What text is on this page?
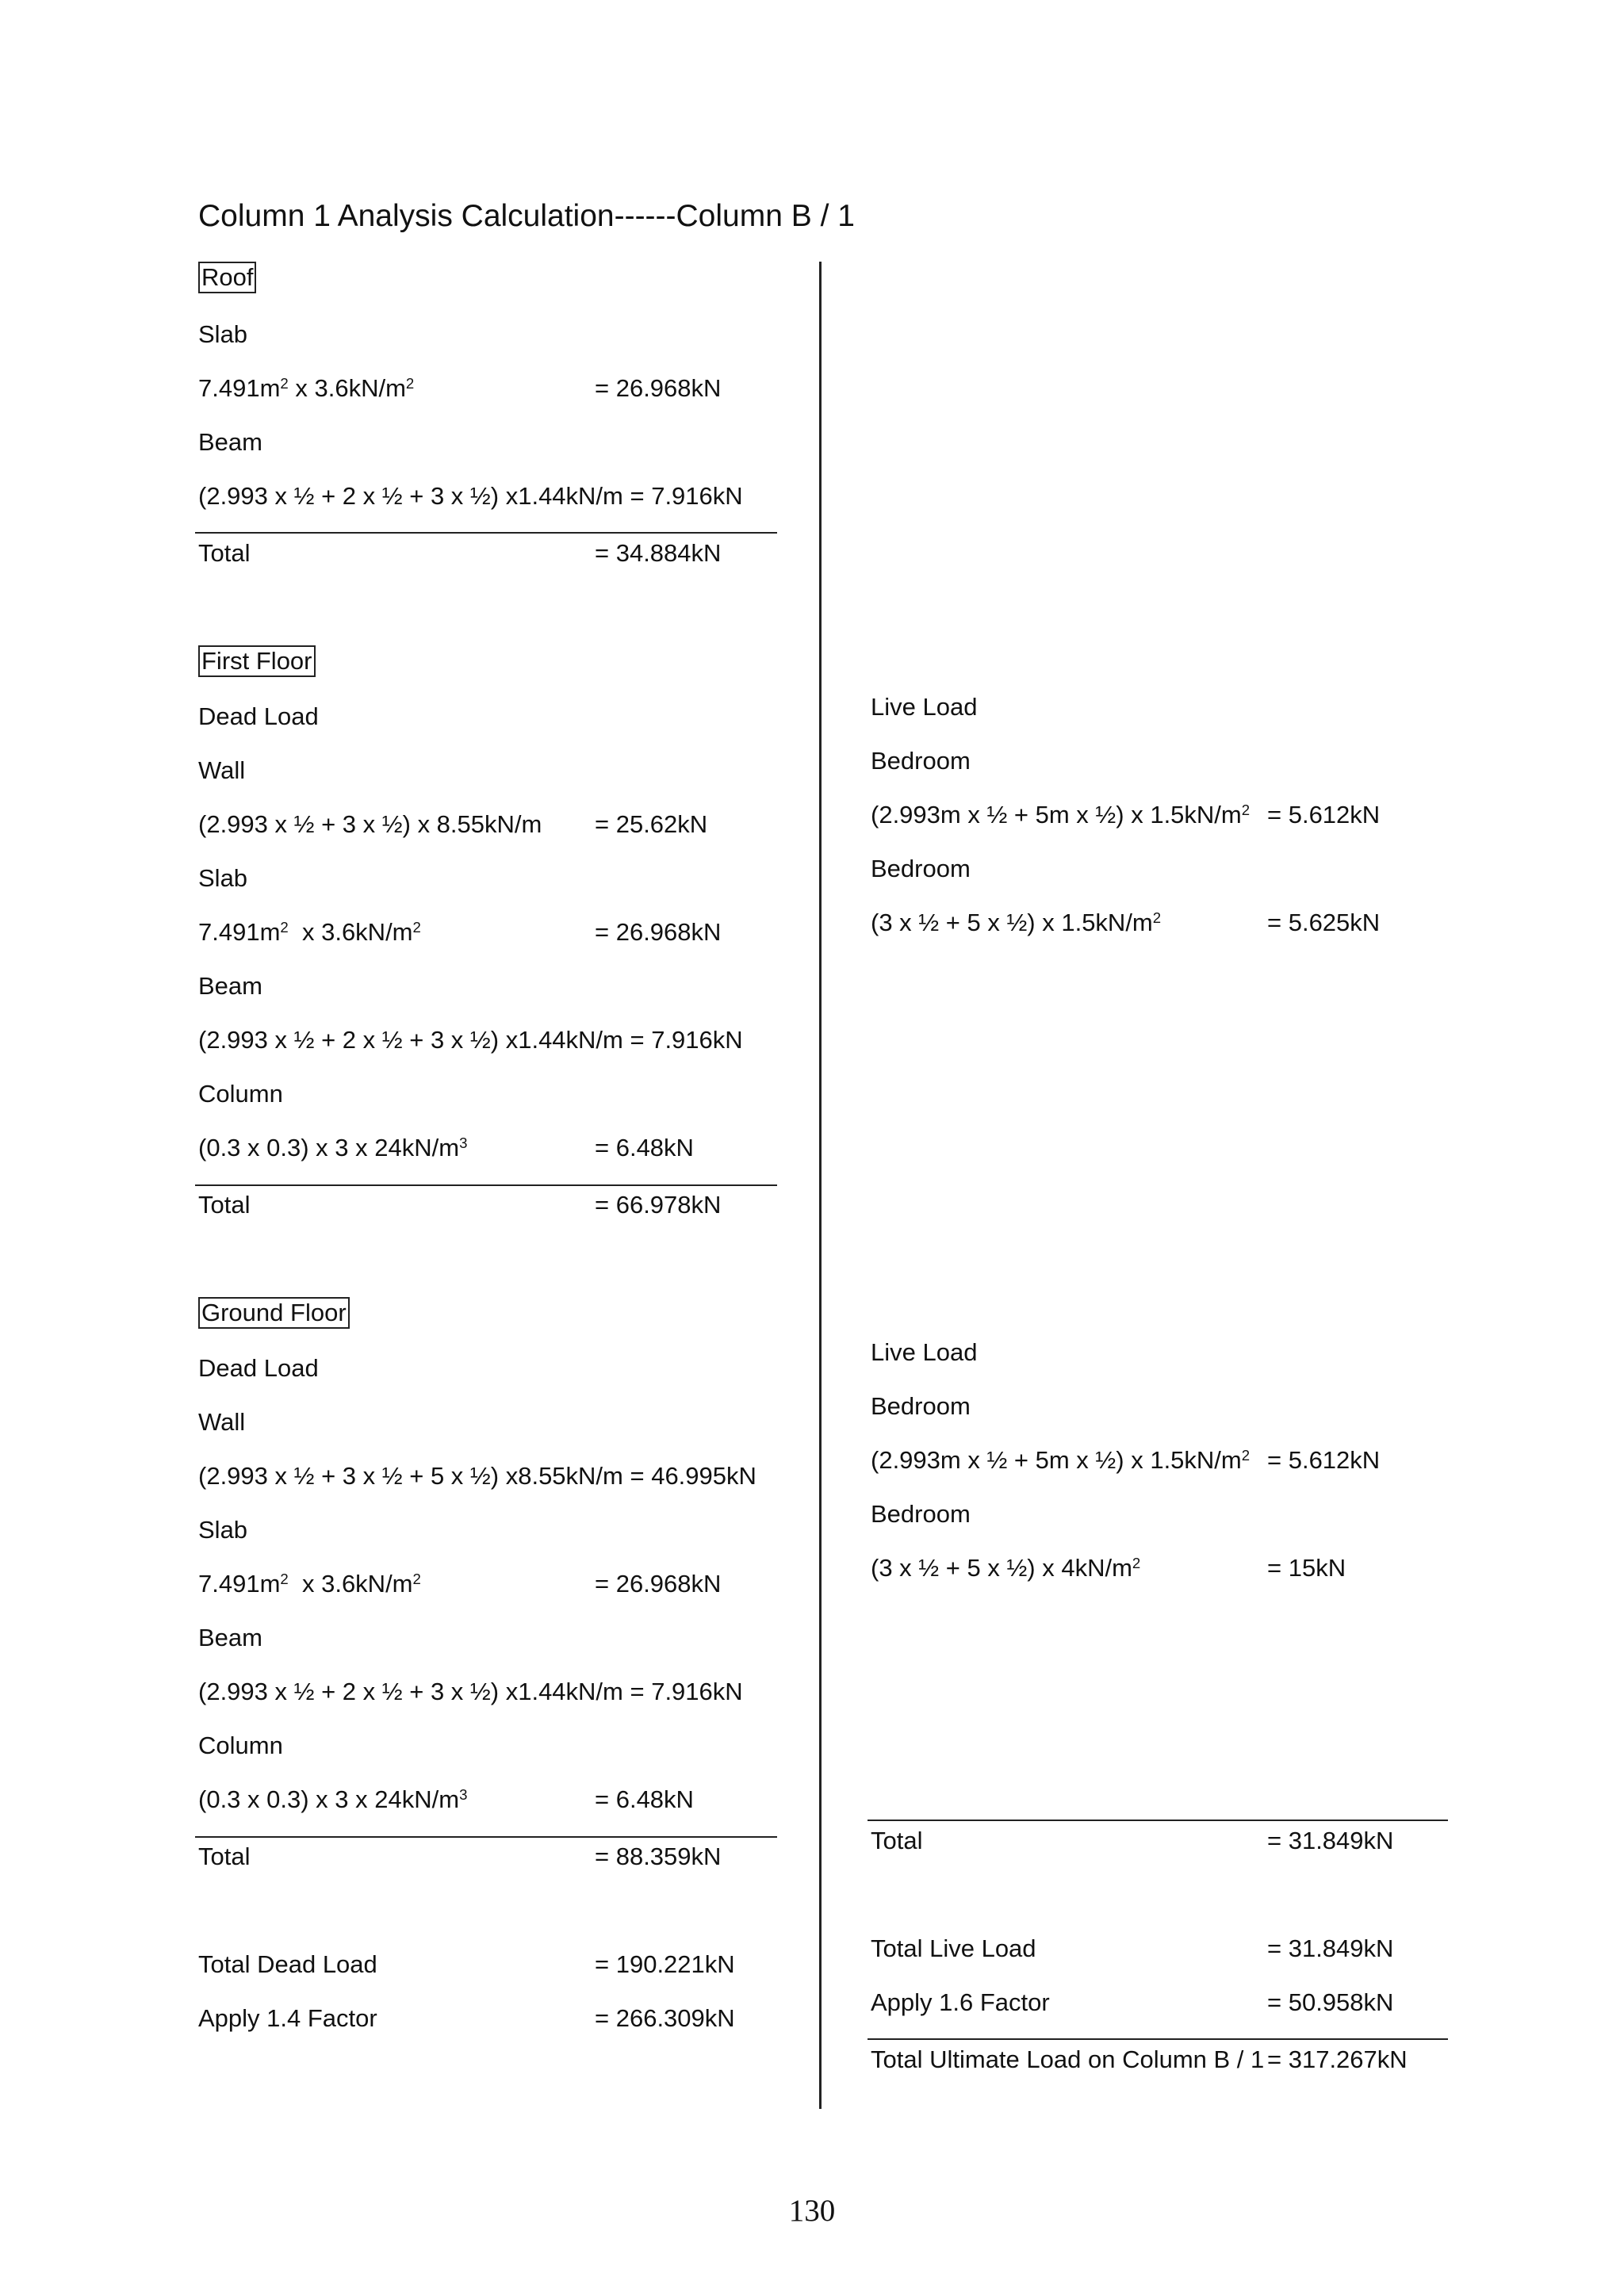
Column 1 Analysis Calculation------Column B / 1
Roof
Slab
$7.491m^2$ x $3.6kN/m^2$	= 26.968kN
Beam
(2.993 x ½ + 2 x ½ + 3 x ½) x1.44kN/m = 7.916kN
Total	= 34.884kN
First Floor
Dead Load
Wall
(2.993 x ½ + 3 x ½) x 8.55kN/m = 25.62kN
Slab
$7.491m^2$  x $3.6kN/m^2$	= 26.968kN
Beam
(2.993 x ½ + 2 x ½ + 3 x ½) x1.44kN/m = 7.916kN
Column
(0.3 x 0.3) x 3 x $24kN/m^3$	= 6.48kN
Total	= 66.978kN
Live Load
Bedroom
(2.993m x ½ + 5m x ½) x $1.5kN/m^2 = 5.612kN$
Bedroom
(3 x ½ + 5 x ½) x $1.5kN/m^2$	= 5.625kN
Ground Floor
Dead Load
Wall
(2.993 x ½ + 3 x ½ + 5 x ½) x8.55kN/m = 46.995kN
Slab
$7.491m^2$  x $3.6kN/m^2$	= 26.968kN
Beam
(2.993 x ½ + 2 x ½ + 3 x ½) x1.44kN/m = 7.916kN
Column
(0.3 x 0.3) x 3 x $24kN/m^3$	= 6.48kN
Total	= 88.359kN
Live Load
Bedroom
(2.993m x ½ + 5m x ½) x $1.5kN/m^2 = 5.612kN$
Bedroom
(3 x ½ + 5 x ½) x $4kN/m^2$	= 15kN
Total	= 31.849kN
Total Dead Load	= 190.221kN
Apply 1.4 Factor	= 266.309kN
Total Live Load	= 31.849kN
Apply 1.6 Factor	= 50.958kN
Total Ultimate Load on Column B / 1 = 317.267kN
130
